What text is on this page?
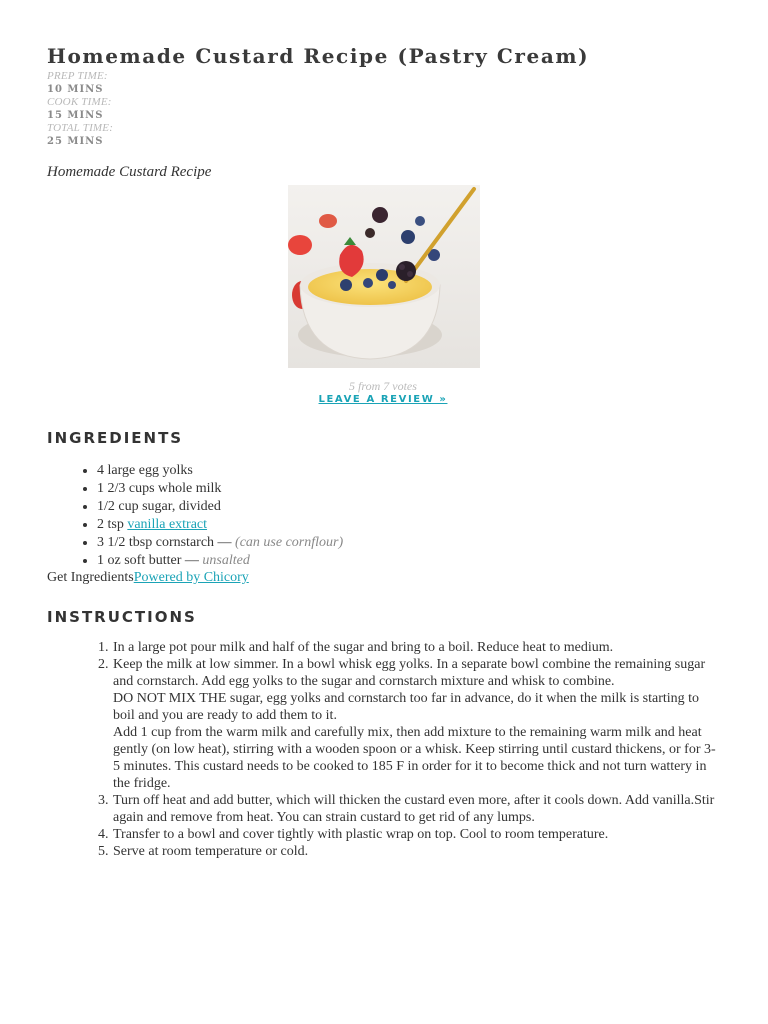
Homemade Custard Recipe (Pastry Cream)
PREP TIME:
10 MINS
COOK TIME:
15 MINS
TOTAL TIME:
25 MINS
Homemade Custard Recipe
5 from 7 votes
LEAVE A REVIEW »
INGREDIENTS
• 4 large egg yolks
• 1 2/3 cups whole milk
• 1/2 cup sugar, divided
• 2 tsp vanilla extract
• 3 1/2 tbsp cornstarch — (can use cornflour)
• 1 oz soft butter — unsalted
Get IngredientsPowered by Chicory
INSTRUCTIONS
1. In a large pot pour milk and half of the sugar and bring to a boil. Reduce heat to medium.
2. Keep the milk at low simmer. In a bowl whisk egg yolks. In a separate bowl combine the remaining sugar and cornstarch. Add egg yolks to the sugar and cornstarch mixture and whisk to combine.
DO NOT MIX THE sugar, egg yolks and cornstarch too far in advance, do it when the milk is starting to boil and you are ready to add them to it.
Add 1 cup from the warm milk and carefully mix, then add mixture to the remaining warm milk and heat gently (on low heat), stirring with a wooden spoon or a whisk. Keep stirring until custard thickens, or for 3-5 minutes. This custard needs to be cooked to 185 F in order for it to become thick and not turn wattery in the fridge.
3. Turn off heat and add butter, which will thicken the custard even more, after it cools down. Add vanilla.Stir again and remove from heat. You can strain custard to get rid of any lumps.
4. Transfer to a bowl and cover tightly with plastic wrap on top. Cool to room temperature.
5. Serve at room temperature or cold.
